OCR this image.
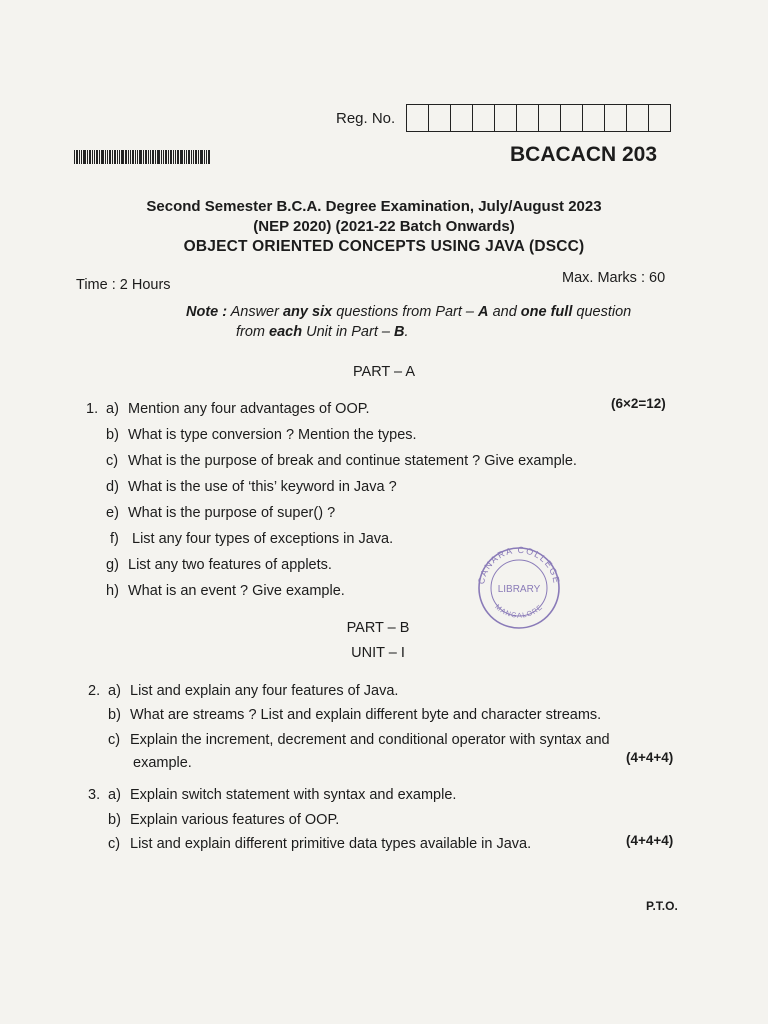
Reg. No.
BCACACN 203
Second Semester B.C.A. Degree Examination, July/August 2023
(NEP 2020) (2021-22 Batch Onwards)
OBJECT ORIENTED CONCEPTS USING JAVA (DSCC)
Time : 2 Hours	Max. Marks : 60
Note : Answer any six questions from Part – A and one full question
from each Unit in Part – B.
PART – A
1. a) Mention any four advantages of OOP.	(6×2=12)
b) What is type conversion ? Mention the types.
c) What is the purpose of break and continue statement ? Give example.
d) What is the use of ‘this’ keyword in Java ?
e) What is the purpose of super() ?
f) List any four types of exceptions in Java.
g) List any two features of applets.
h) What is an event ? Give example.
CANARA COLLEGE
LIBRARY
MANGALORE
PART – B
UNIT – I
2. a) List and explain any four features of Java.
b) What are streams ? List and explain different byte and character streams.
c) Explain the increment, decrement and conditional operator with syntax and
example.	(4+4+4)
3. a) Explain switch statement with syntax and example.
b) Explain various features of OOP.
c) List and explain different primitive data types available in Java.	(4+4+4)
P.T.O.
